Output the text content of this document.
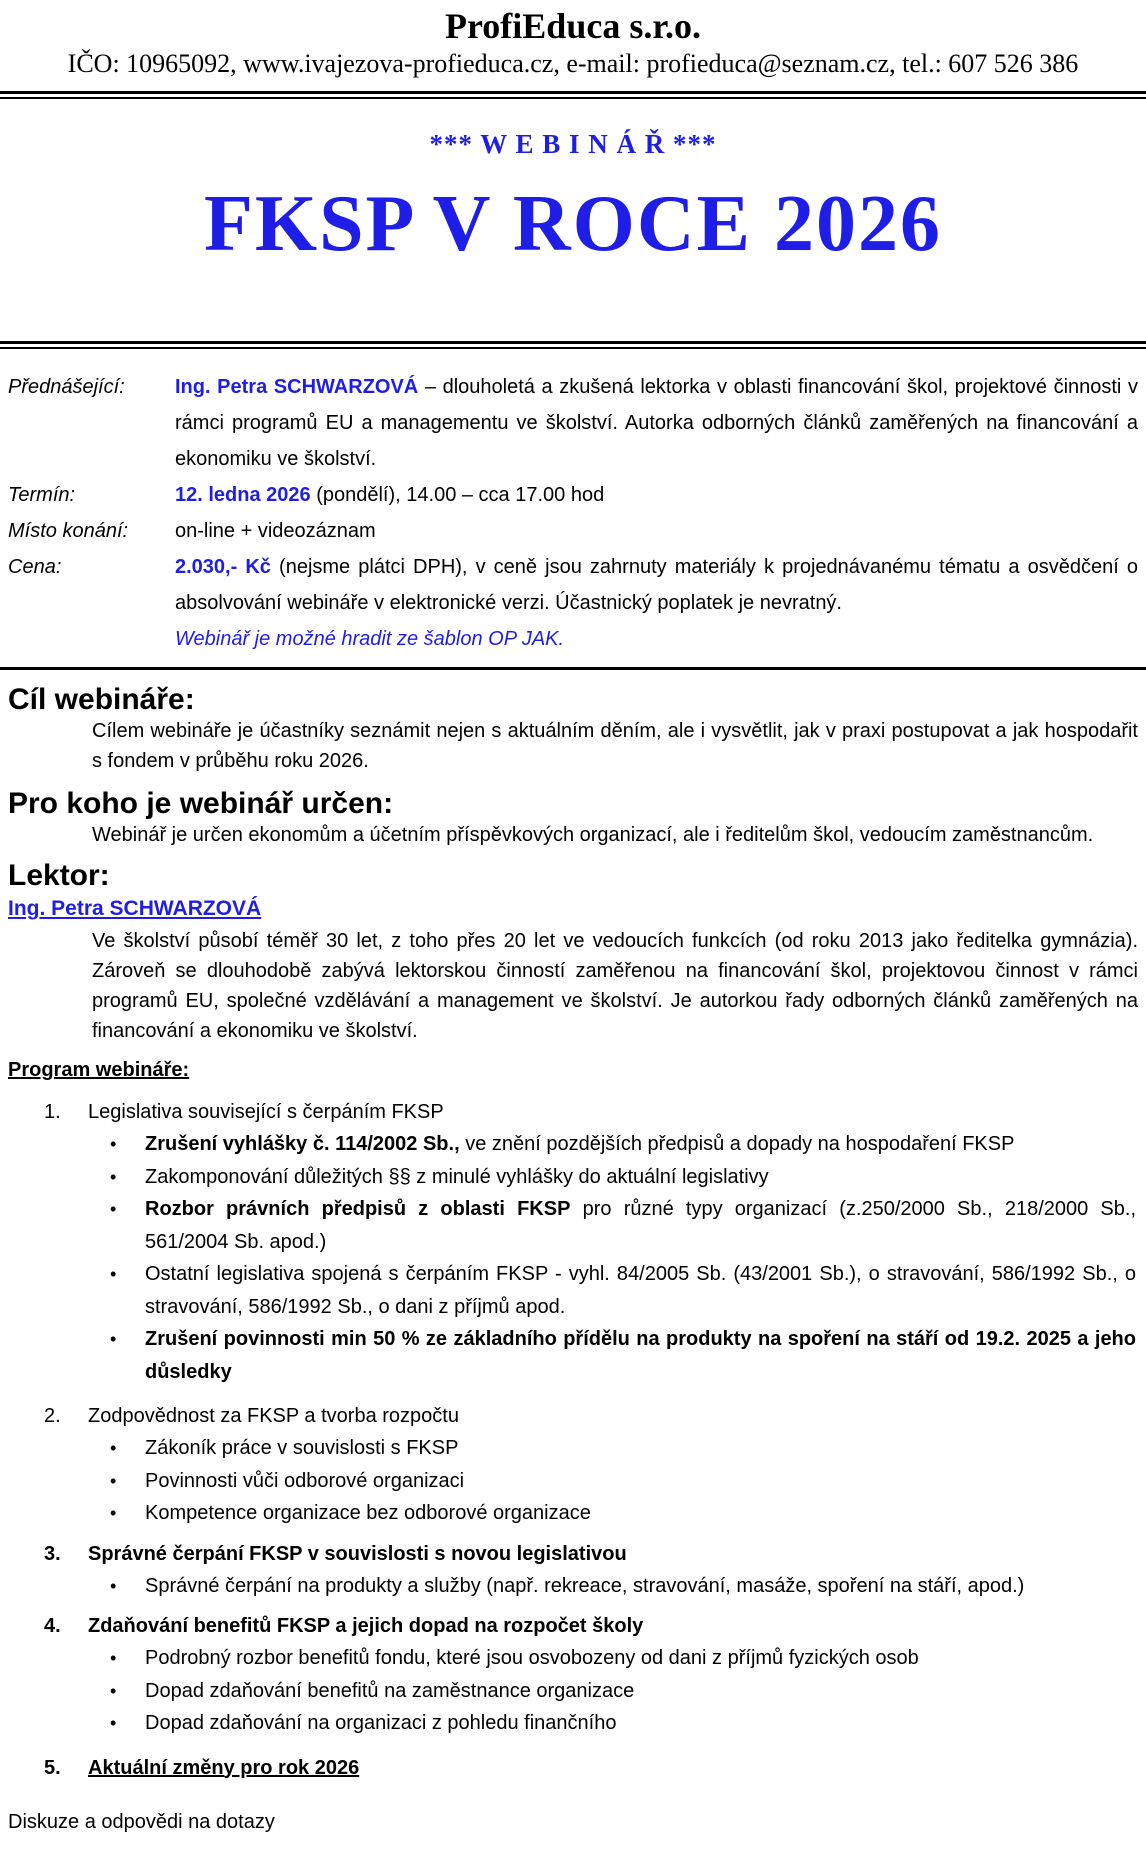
ProfiEduca s.r.o.
IČO: 10965092, www.ivajezova-profieduca.cz, e-mail: profieduca@seznam.cz, tel.: 607 526 386
*** W E B I N Á Ř ***
FKSP V ROCE 2026
Přednášející:	Ing. Petra SCHWARZOVÁ – dlouholetá a zkušená lektorka v oblasti financování škol, projektové činnosti v rámci programů EU a managementu ve školství. Autorka odborných článků zaměřených na financování a ekonomiku ve školství.
Termín:	12. ledna 2026 (pondělí), 14.00 – cca 17.00 hod
Místo konání:	on-line + videozáznam
Cena:	2.030,- Kč (nejsme plátci DPH), v ceně jsou zahrnuty materiály k projednávanému tématu a osvědčení o absolvování webináře v elektronické verzi. Účastnický poplatek je nevratný.
Webinář je možné hradit ze šablon OP JAK.
Cíl webináře:

Cílem webináře je účastníky seznámit nejen s aktuálním děním, ale i vysvětlit, jak v praxi postupovat a jak hospodařit s fondem v průběhu roku 2026.

Pro koho je webinář určen:

Webinář je určen ekonomům a účetním příspěvkových organizací, ale i ředitelům škol, vedoucím zaměstnancům.

Lektor:
Ing. Petra SCHWARZOVÁ

Ve školství působí téměř 30 let, z toho přes 20 let ve vedoucích funkcích (od roku 2013 jako ředitelka gymnázia). Zároveň se dlouhodobě zabývá lektorskou činností zaměřenou na financování škol, projektovou činnost v rámci programů EU, společné vzdělávání a management ve školství. Je autorkou řady odborných článků zaměřených na financování a ekonomiku ve školství.

Program webináře:
1.	Legislativa související s čerpáním FKSP
•	Zrušení vyhlášky č. 114/2002 Sb., ve znění pozdějších předpisů a dopady na hospodaření FKSP
•	Zakomponování důležitých §§ z minulé vyhlášky do aktuální legislativy
•	Rozbor právních předpisů z oblasti FKSP pro různé typy organizací (z.250/2000 Sb., 218/2000 Sb., 561/2004 Sb. apod.)
•	Ostatní legislativa spojená s čerpáním FKSP - vyhl. 84/2005 Sb. (43/2001 Sb.), o stravování, 586/1992 Sb., o stravování, 586/1992 Sb., o dani z příjmů apod.
•	Zrušení povinnosti min 50 % ze základního přídělu na produkty na spoření na stáří od 19.2. 2025 a jeho důsledky
2.	Zodpovědnost za FKSP a tvorba rozpočtu
•	Zákoník práce v souvislosti s FKSP
•	Povinnosti vůči odborové organizaci
•	Kompetence organizace bez odborové organizace
3.	Správné čerpání FKSP v souvislosti s novou legislativou
•	Správné čerpání na produkty a služby (např. rekreace, stravování, masáže, spoření na stáří, apod.)
4.	Zdaňování benefitů FKSP a jejich dopad na rozpočet školy
•	Podrobný rozbor benefitů fondu, které jsou osvobozeny od dani z příjmů fyzických osob
•	Dopad zdaňování benefitů na zaměstnance organizace
•	Dopad zdaňování na organizaci z pohledu finančního
5.	Aktuální změny pro rok 2026
Diskuze a odpovědi na dotazy
